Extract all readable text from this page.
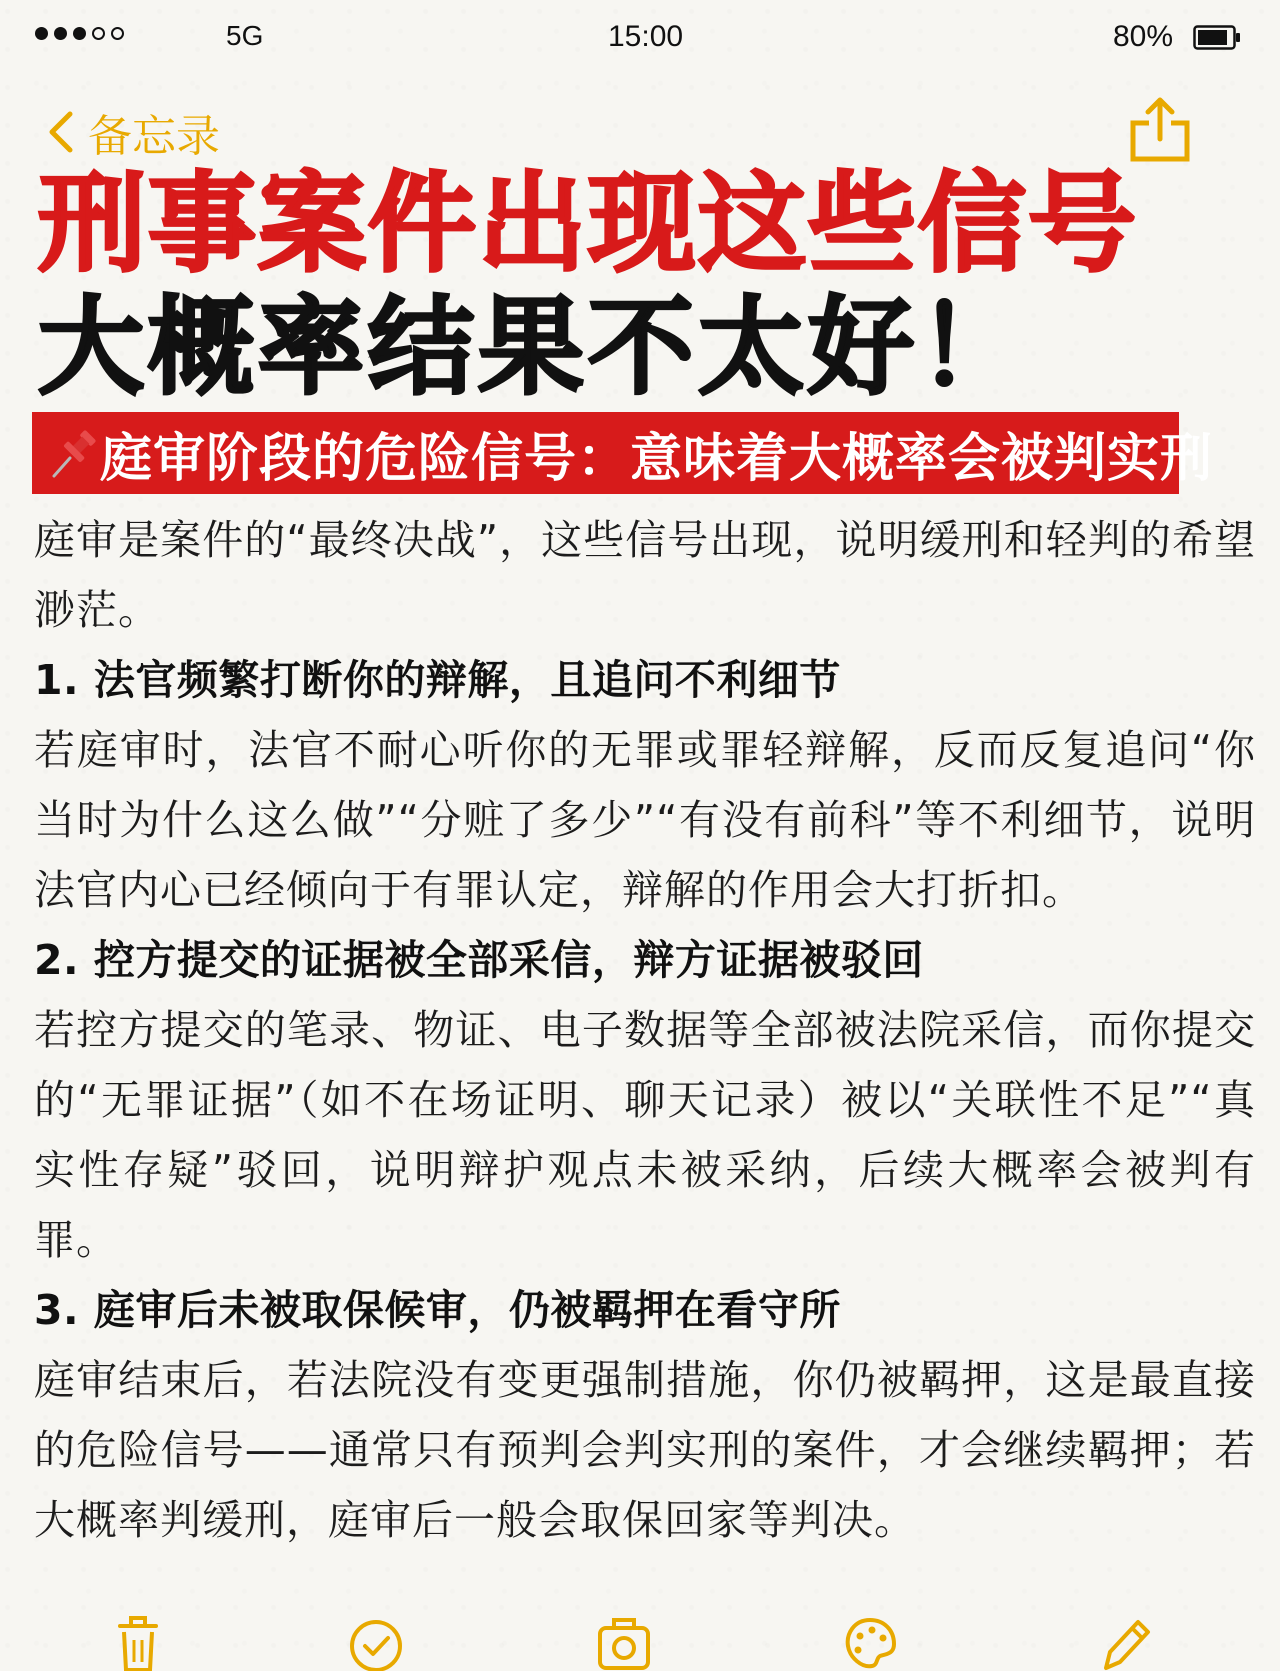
5G	15:00	80%
备忘录
刑事案件出现这些信号
大概率结果不太好！
庭审阶段的危险信号：意味着大概率会被判实刑

庭审是案件的“最终决战”，这些信号出现，说明缓刑和轻判的希望渺茫。

1. 法官频繁打断你的辩解，且追问不利细节

若庭审时，法官不耐心听你的无罪或罪轻辩解，反而反复追问“你当时为什么这么做”“分赃了多少”“有没有前科”等不利细节，说明法官内心已经倾向于有罪认定，辩解的作用会大打折扣。

2. 控方提交的证据被全部采信，辩方证据被驳回

若控方提交的笔录、物证、电子数据等全部被法院采信，而你提交的“无罪证据”（如不在场证明、聊天记录）被以“关联性不足”“真实性存疑”驳回，说明辩护观点未被采纳，后续大概率会被判有罪。

3. 庭审后未被取保候审，仍被羁押在看守所

庭审结束后，若法院没有变更强制措施，你仍被羁押，这是最直接的危险信号——通常只有预判会判实刑的案件，才会继续羁押；若大概率判缓刑，庭审后一般会取保回家等判决。
